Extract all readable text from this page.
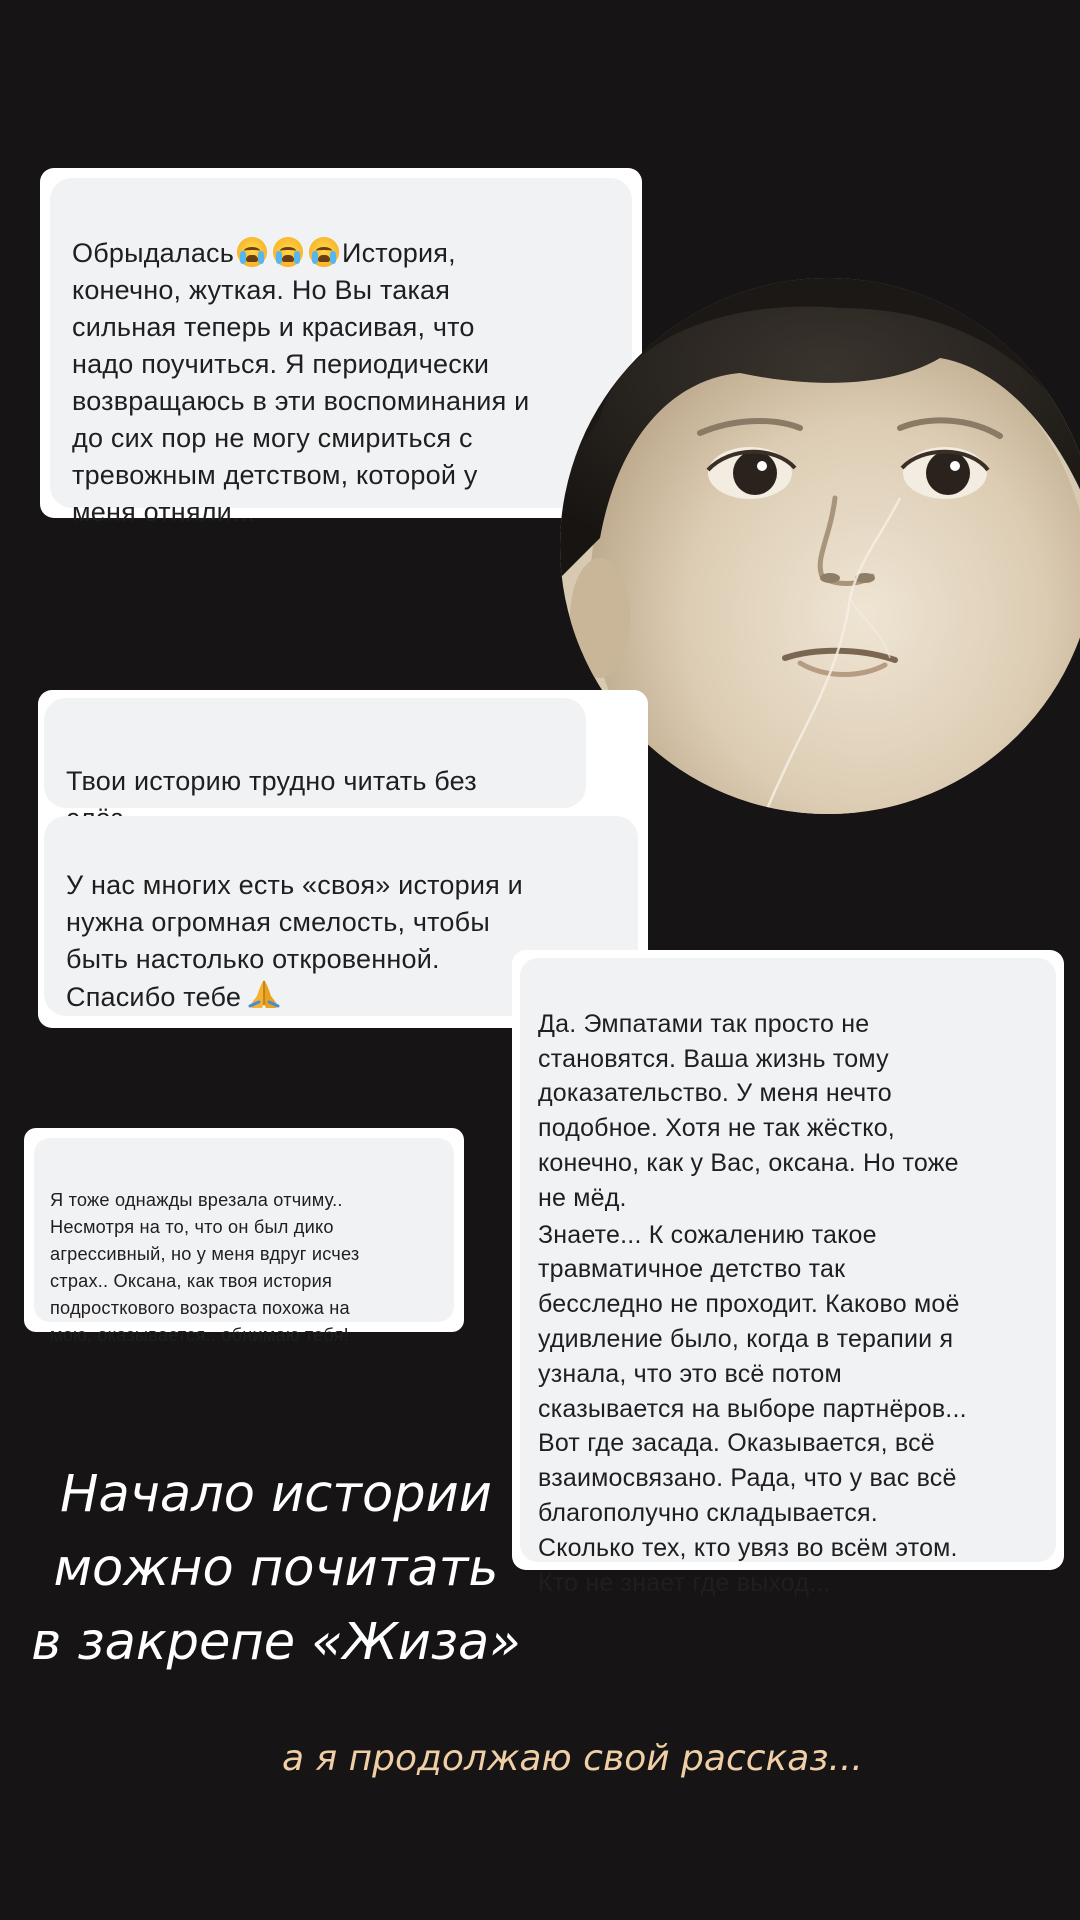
Обрыдалась	История,
конечно, жуткая. Но Вы такая
сильная теперь и красивая, что
надо поучиться. Я периодически
возвращаюсь в эти воспоминания и
до сих пор не могу смириться с
тревожным детством, которой у
меня отняли...

Твои историю трудно читать без

У нас многих есть «своя» история и
нужна огромная смелость, чтобы
быть настолько откровенной.
Спасибо тебе

Да. Эмпатами так просто не
становятся. Ваша жизнь тому
доказательство. У меня нечто
подобное. Хотя не так жёстко,
конечно, как у Вас, оксана. Но тоже
не мёд.
Знаете... К сожалению такое
травматичное детство так
бесследно не проходит. Каково моё
удивление было, когда в терапии я
узнала, что это всё потом
сказывается на выборе партнёров...
Вот где засада. Оказывается, всё
взаимосвязано. Рада, что у вас всё
благополучно складывается.
Сколько тех, кто увяз во всём этом.
Кто не знает где выход...

Я тоже однажды врезала отчиму..
Несмотря на то, что он был дико
агрессивный, но у меня вдруг исчез
страх.. Оксана, как твоя история
подросткового возраста похожа на
мою, оказывается.. обнимаю тебя!

Начало истории
можно почитать
в закрепе «Жиза»
а я продолжаю свой рассказ...
